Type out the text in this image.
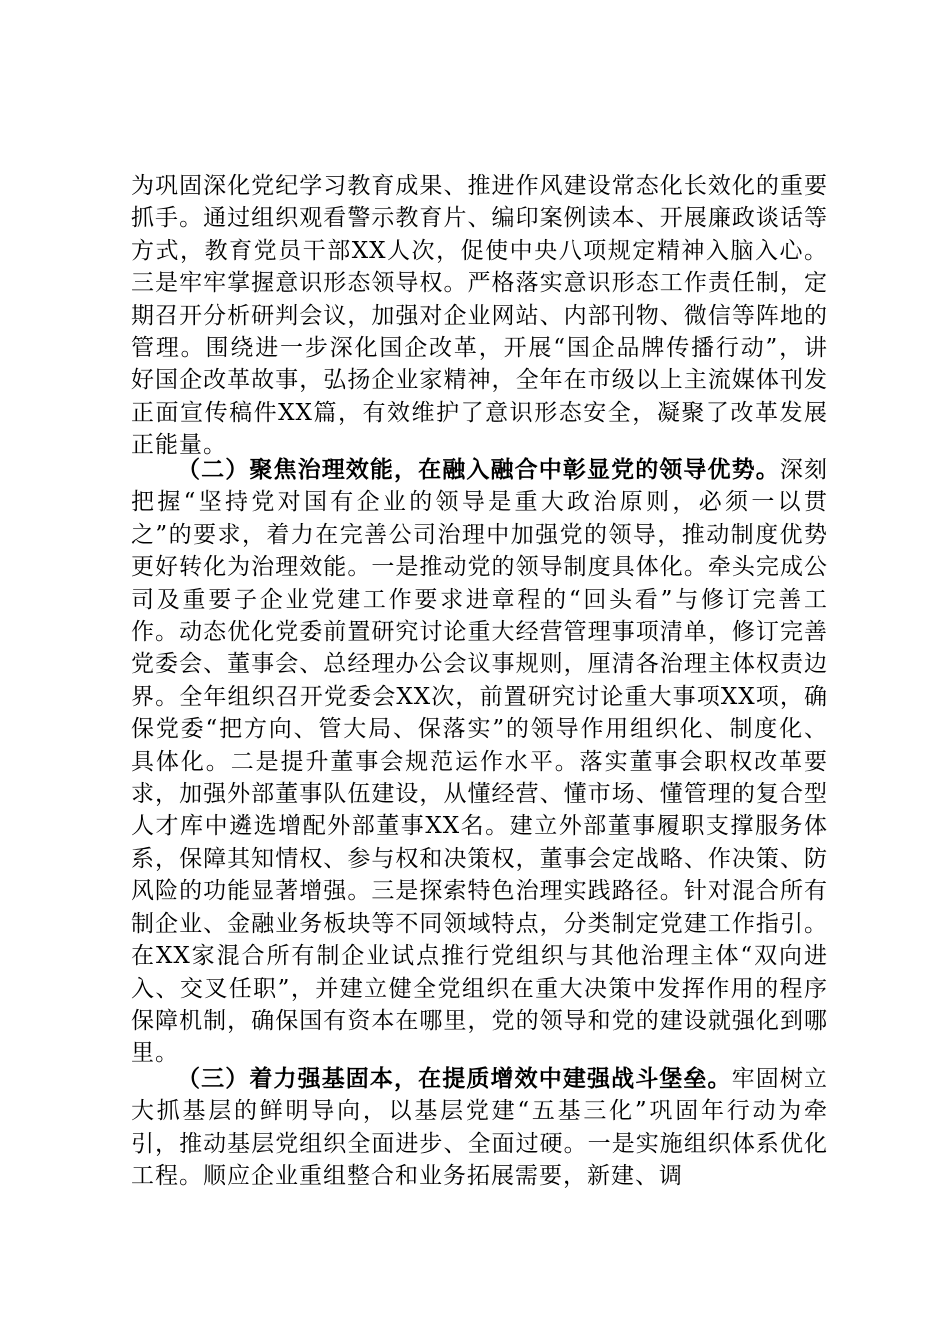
为巩固深化党纪学习教育成果、推进作风建设常态化长效化的重要抓手。通过组织观看警示教育片、编印案例读本、开展廉政谈话等方式，教育党员干部XX人次，促使中央八项规定精神入脑入心。三是牢牢掌握意识形态领导权。严格落实意识形态工作责任制，定期召开分析研判会议，加强对企业网站、内部刊物、微信等阵地的管理。围绕进一步深化国企改革，开展“国企品牌传播行动”，讲好国企改革故事，弘扬企业家精神，全年在市级以上主流媒体刊发正面宣传稿件XX篇，有效维护了意识形态安全，凝聚了改革发展正能量。

（二）聚焦治理效能，在融入融合中彰显党的领导优势。深刻把握“坚持党对国有企业的领导是重大政治原则，必须一以贯之”的要求，着力在完善公司治理中加强党的领导，推动制度优势更好转化为治理效能。一是推动党的领导制度具体化。牵头完成公司及重要子企业党建工作要求进章程的“回头看”与修订完善工作。动态优化党委前置研究讨论重大经营管理事项清单，修订完善党委会、董事会、总经理办公会议事规则，厘清各治理主体权责边界。全年组织召开党委会XX次，前置研究讨论重大事项XX项，确保党委“把方向、管大局、保落实”的领导作用组织化、制度化、具体化。二是提升董事会规范运作水平。落实董事会职权改革要求，加强外部董事队伍建设，从懂经营、懂市场、懂管理的复合型人才库中遴选增配外部董事XX名。建立外部董事履职支撑服务体系，保障其知情权、参与权和决策权，董事会定战略、作决策、防风险的功能显著增强。三是探索特色治理实践路径。针对混合所有制企业、金融业务板块等不同领域特点，分类制定党建工作指引。在XX家混合所有制企业试点推行党组织与其他治理主体“双向进入、交叉任职”，并建立健全党组织在重大决策中发挥作用的程序保障机制，确保国有资本在哪里，党的领导和党的建设就强化到哪里。

（三）着力强基固本，在提质增效中建强战斗堡垒。牢固树立大抓基层的鲜明导向，以基层党建“五基三化”巩固年行动为牵引，推动基层党组织全面进步、全面过硬。一是实施组织体系优化工程。顺应企业重组整合和业务拓展需要，新建、调
